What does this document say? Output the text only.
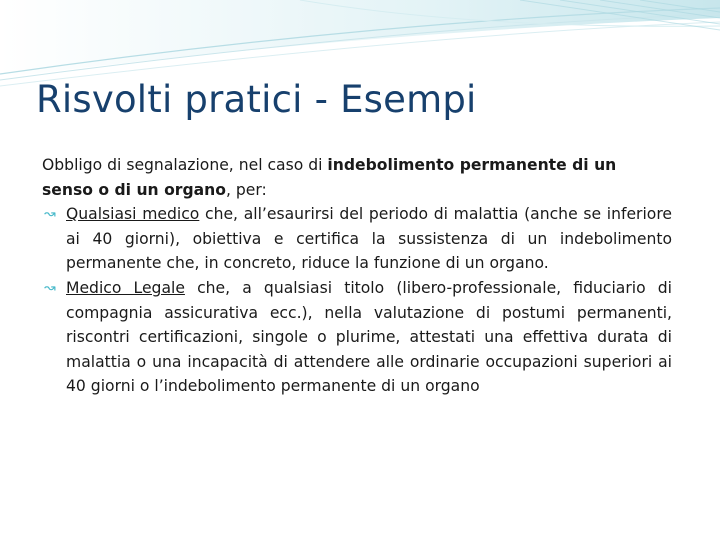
Risvolti pratici - Esempi

Obbligo di segnalazione, nel caso di indebolimento permanente di un senso o di un organo, per:

↝ Qualsiasi medico che, all’esaurirsi del periodo di malattia (anche se inferiore ai 40 giorni), obiettiva e certifica la sussistenza di un indebolimento permanente che, in concreto, riduce la funzione di un organo.
↝ Medico Legale che, a qualsiasi titolo (libero-professionale, fiduciario di compagnia assicurativa ecc.), nella valutazione di postumi permanenti, riscontri certificazioni, singole o plurime, attestati una effettiva durata di malattia o una incapacità di attendere alle ordinarie occupazioni superiori ai 40 giorni o l’indebolimento permanente di un organo
